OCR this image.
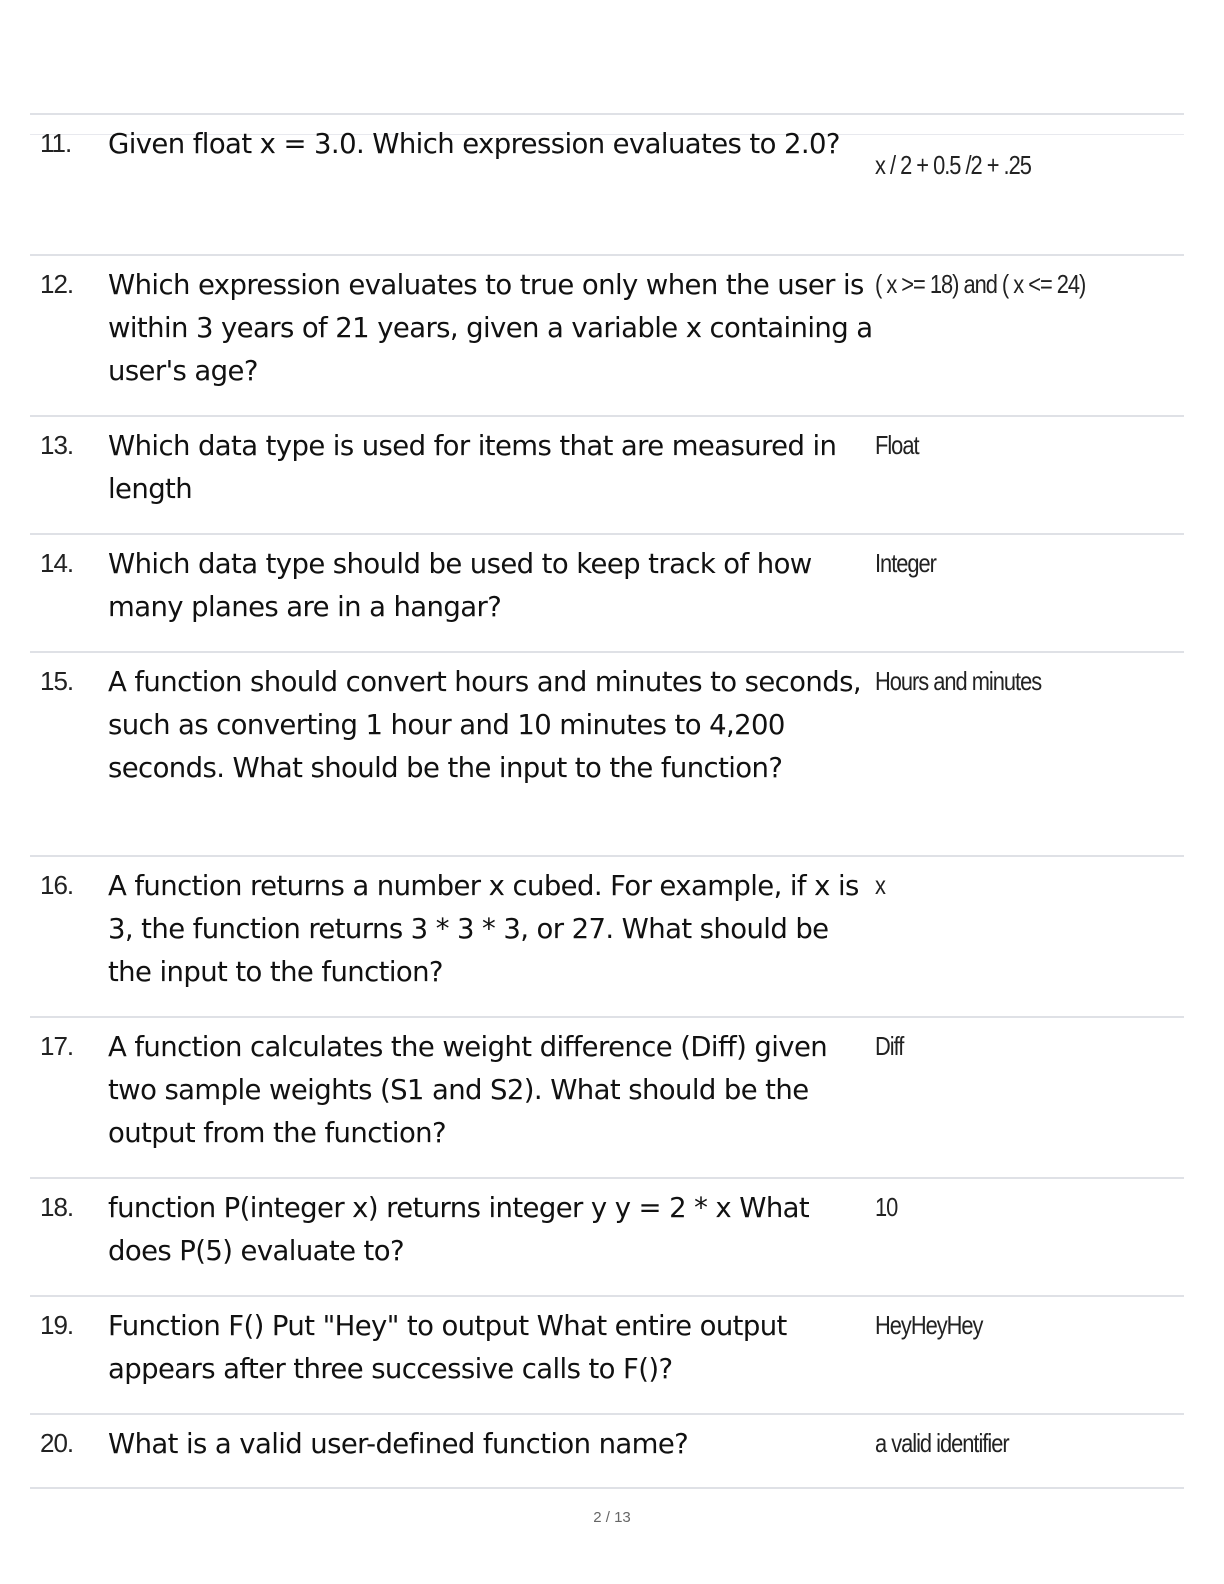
11. Given float x = 3.0. Which expression evaluates to 2.0?
x / 2 + 0.5 /2 + .25
12. Which expression evaluates to true only when the user is within 3 years of 21 years, given a variable x containing a user's age?
( x >= 18) and ( x <= 24)
13. Which data type is used for items that are measured in length
Float
14. Which data type should be used to keep track of how many planes are in a hangar?
Integer
15. A function should convert hours and minutes to seconds, such as converting 1 hour and 10 minutes to 4,200 seconds. What should be the input to the function?
Hours and minutes
16. A function returns a number x cubed. For example, if x is 3, the function returns 3 * 3 * 3, or 27. What should be the input to the function?
x
17. A function calculates the weight difference (Diff) given two sample weights (S1 and S2). What should be the output from the function?
Diff
18. function P(integer x) returns integer y y = 2 * x What does P(5) evaluate to?
10
19. Function F() Put "Hey" to output What entire output appears after three successive calls to F()?
HeyHeyHey
20. What is a valid user-defined function name?	a valid identifier
2 / 13
